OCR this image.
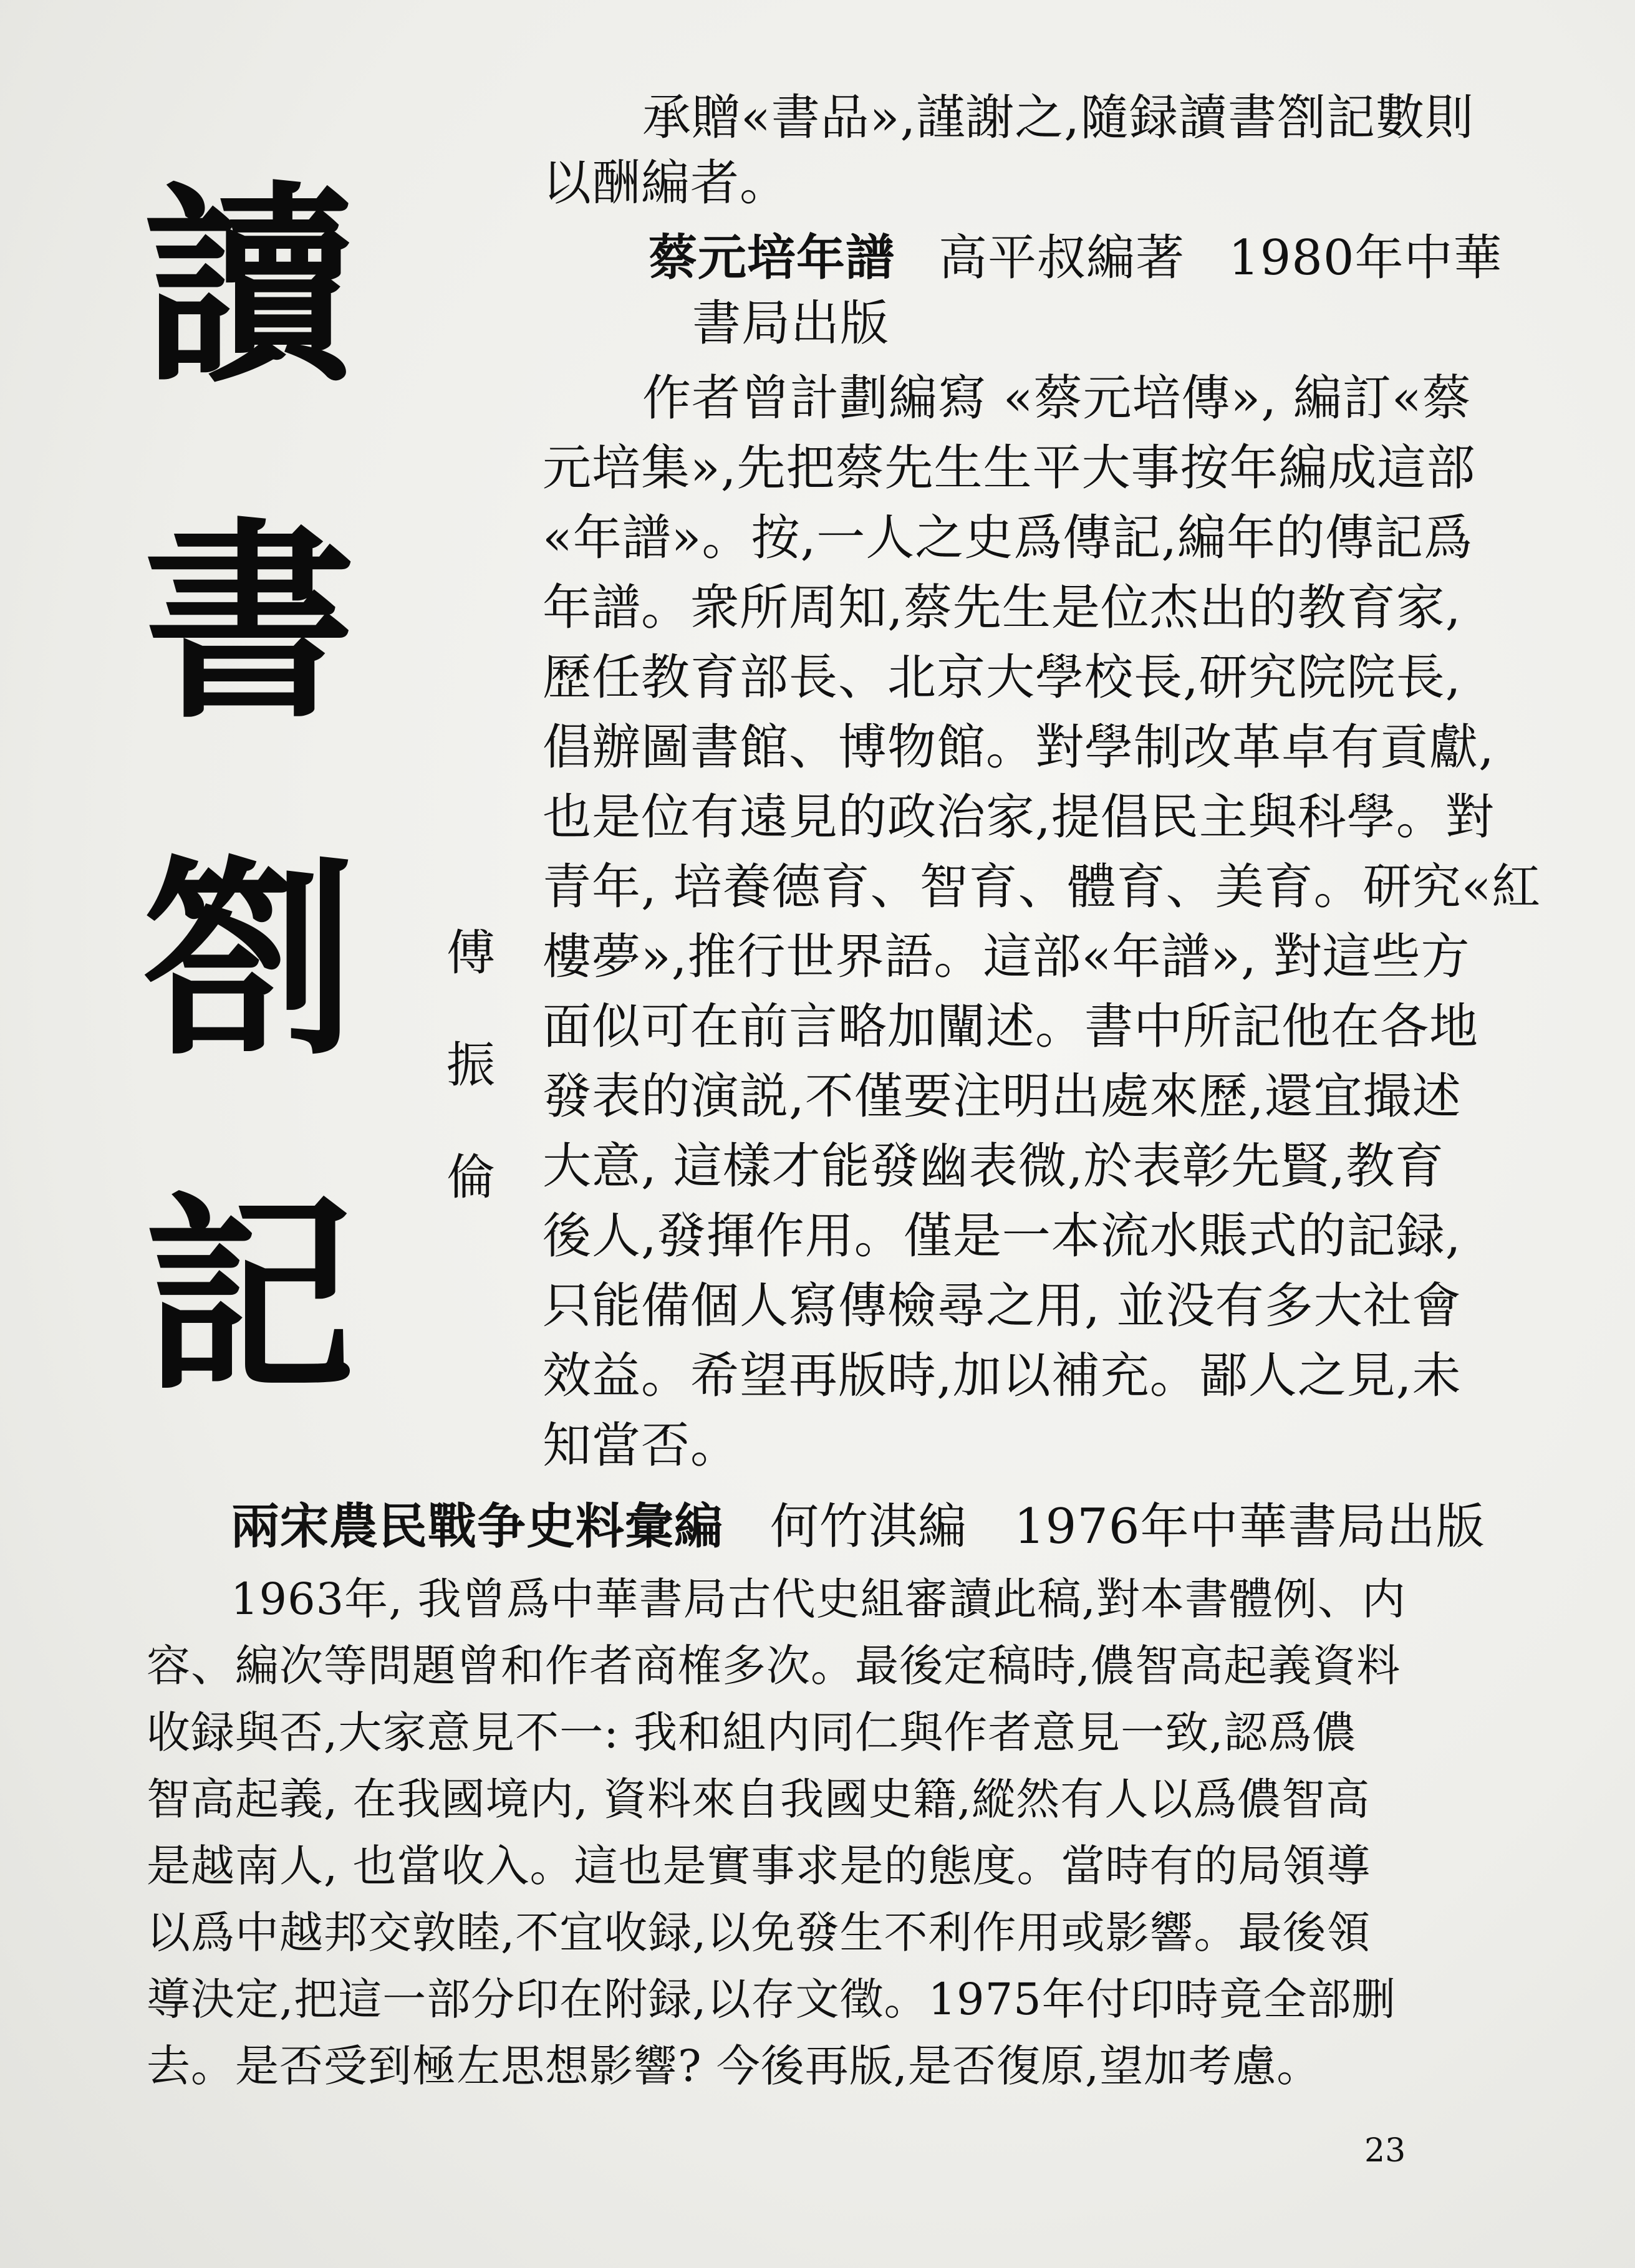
讀
書
劄
記
傅
振
倫
承贈«書品»,謹謝之,隨録讀書劄記數則
以酬編者。
蔡元培年譜 高平叔編著 1980年中華
書局出版
作者曾計劃編寫 «蔡元培傳», 編訂«蔡
元培集»,先把蔡先生生平大事按年編成這部
«年譜»。按,一人之史爲傳記,編年的傳記爲
年譜。衆所周知,蔡先生是位杰出的教育家,
歷任教育部長、北京大學校長,研究院院長,
倡辦圖書館、博物館。對學制改革卓有貢獻,
也是位有遠見的政治家,提倡民主與科學。對
青年, 培養德育、智育、體育、美育。研究«紅
樓夢»,推行世界語。這部«年譜», 對這些方
面似可在前言略加闡述。書中所記他在各地
發表的演説,不僅要注明出處來歷,還宜撮述
大意, 這樣才能發幽表微,於表彰先賢,教育
後人,發揮作用。僅是一本流水賬式的記録,
只能備個人寫傳檢尋之用, 並没有多大社會
效益。希望再版時,加以補充。鄙人之見,未
知當否。
兩宋農民戰争史料彙編 何竹淇編 1976年中華書局出版
1963年, 我曾爲中華書局古代史組審讀此稿,對本書體例、内
容、編次等問題曾和作者商榷多次。最後定稿時,儂智高起義資料
收録與否,大家意見不一: 我和組内同仁與作者意見一致,認爲儂
智高起義, 在我國境内, 資料來自我國史籍,縱然有人以爲儂智高
是越南人, 也當收入。這也是實事求是的態度。當時有的局領導
以爲中越邦交敦睦,不宜收録,以免發生不利作用或影響。最後領
導決定,把這一部分印在附録,以存文徵。1975年付印時竟全部删
去。是否受到極左思想影響? 今後再版,是否復原,望加考慮。
23
